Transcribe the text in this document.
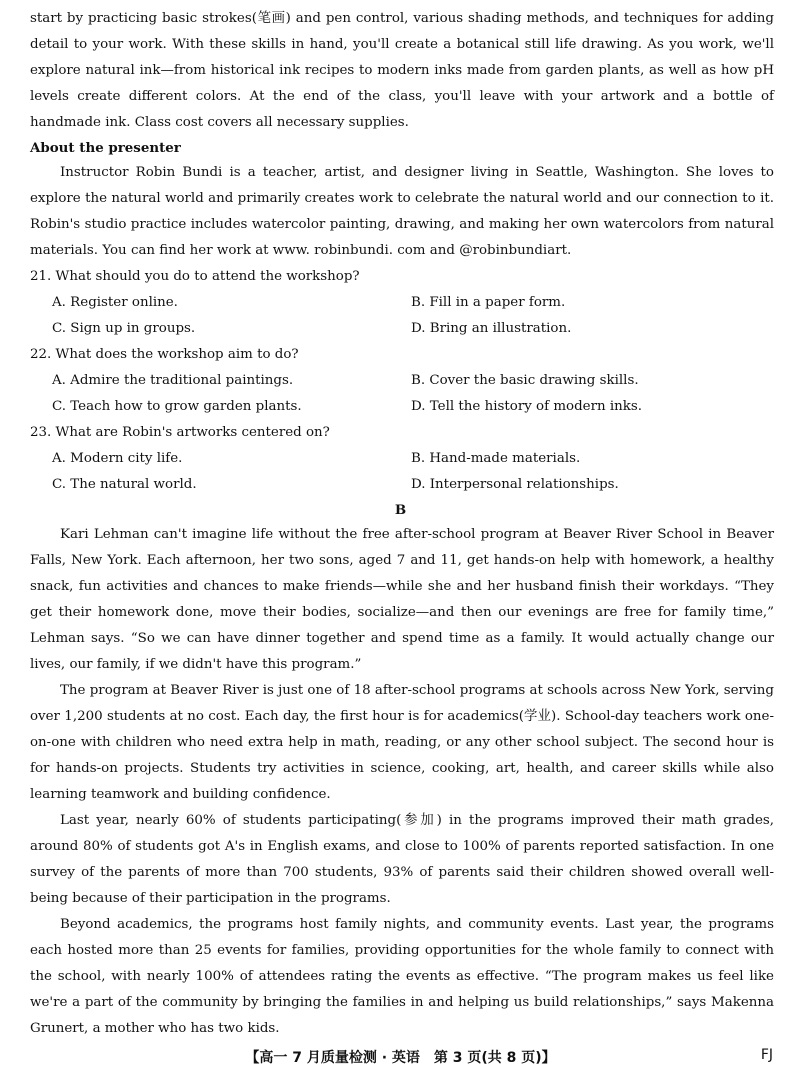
start by practicing basic strokes(笔画) and pen control, various shading methods, and techniques for adding detail to your work. With these skills in hand, you'll create a botanical still life drawing. As you work, we'll explore natural ink—from historical ink recipes to modern inks made from garden plants, as well as how pH levels create different colors. At the end of the class, you'll leave with your artwork and a bottle of handmade ink. Class cost covers all necessary supplies.

About the presenter

Instructor Robin Bundi is a teacher, artist, and designer living in Seattle, Washington. She loves to explore the natural world and primarily creates work to celebrate the natural world and our connection to it. Robin's studio practice includes watercolor painting, drawing, and making her own watercolors from natural materials. You can find her work at www. robinbundi. com and @robinbundiart.

21. What should you do to attend the workshop?

A. Register online.	B. Fill in a paper form.

C. Sign up in groups.	D. Bring an illustration.

22. What does the workshop aim to do?

A. Admire the traditional paintings.	B. Cover the basic drawing skills.

C. Teach how to grow garden plants.	D. Tell the history of modern inks.

23. What are Robin's artworks centered on?

A. Modern city life.	B. Hand-made materials.

C. The natural world.	D. Interpersonal relationships.

B

Kari Lehman can't imagine life without the free after-school program at Beaver River School in Beaver Falls, New York. Each afternoon, her two sons, aged 7 and 11, get hands-on help with homework, a healthy snack, fun activities and chances to make friends—while she and her husband finish their workdays. “They get their homework done, move their bodies, socialize—and then our evenings are free for family time,” Lehman says. “So we can have dinner together and spend time as a family. It would actually change our lives, our family, if we didn't have this program.”

The program at Beaver River is just one of 18 after-school programs at schools across New York, serving over 1,200 students at no cost. Each day, the first hour is for academics(学业). School-day teachers work one-on-one with children who need extra help in math, reading, or any other school subject. The second hour is for hands-on projects. Students try activities in science, cooking, art, health, and career skills while also learning teamwork and building confidence.

Last year, nearly 60% of students participating(参加) in the programs improved their math grades, around 80% of students got A's in English exams, and close to 100% of parents reported satisfaction. In one survey of the parents of more than 700 students, 93% of parents said their children showed overall well-being because of their participation in the programs.

Beyond academics, the programs host family nights, and community events. Last year, the programs each hosted more than 25 events for families, providing opportunities for the whole family to connect with the school, with nearly 100% of attendees rating the events as effective. “The program makes us feel like we're a part of the community by bringing the families in and helping us build relationships,” says Makenna Grunert, a mother who has two kids.

【高一 7 月质量检测 · 英语　第 3 页(共 8 页)】	FJ
